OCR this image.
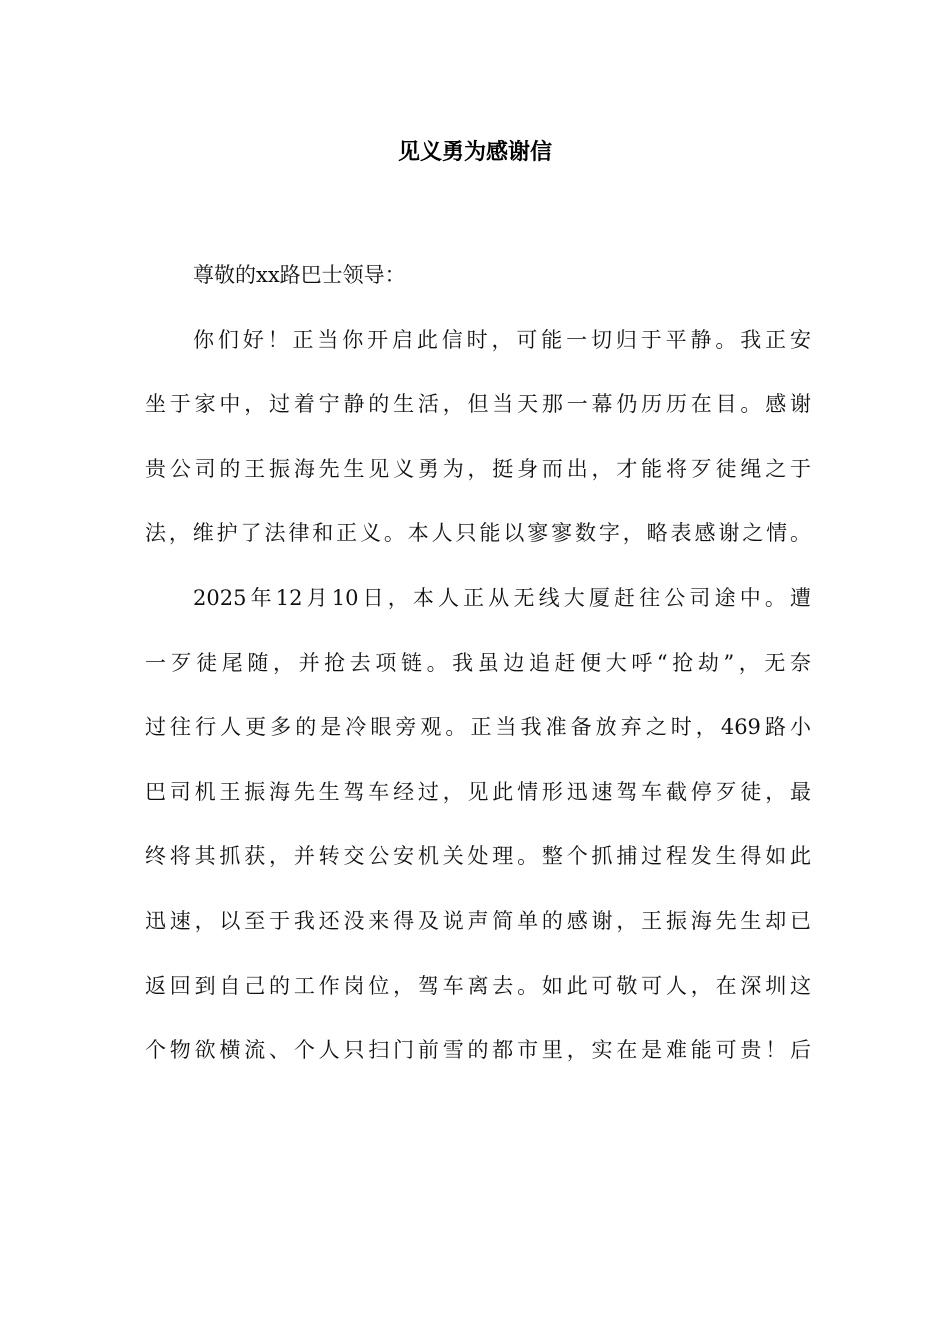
见义勇为感谢信
尊敬的xx路巴士领导：
你们好！正当你开启此信时，可能一切归于平静。我正安
坐于家中，过着宁静的生活，但当天那一幕仍历历在目。感谢
贵公司的王振海先生见义勇为，挺身而出，才能将歹徒绳之于
法，维护了法律和正义。本人只能以寥寥数字，略表感谢之情。
2025年12月10日，本人正从无线大厦赶往公司途中。遭
一歹徒尾随，并抢去项链。我虽边追赶便大呼“抢劫”，无奈
过往行人更多的是冷眼旁观。正当我准备放弃之时，469路小
巴司机王振海先生驾车经过，见此情形迅速驾车截停歹徒，最
终将其抓获，并转交公安机关处理。整个抓捕过程发生得如此
迅速，以至于我还没来得及说声简单的感谢，王振海先生却已
返回到自己的工作岗位，驾车离去。如此可敬可人，在深圳这
个物欲横流、个人只扫门前雪的都市里，实在是难能可贵！后
